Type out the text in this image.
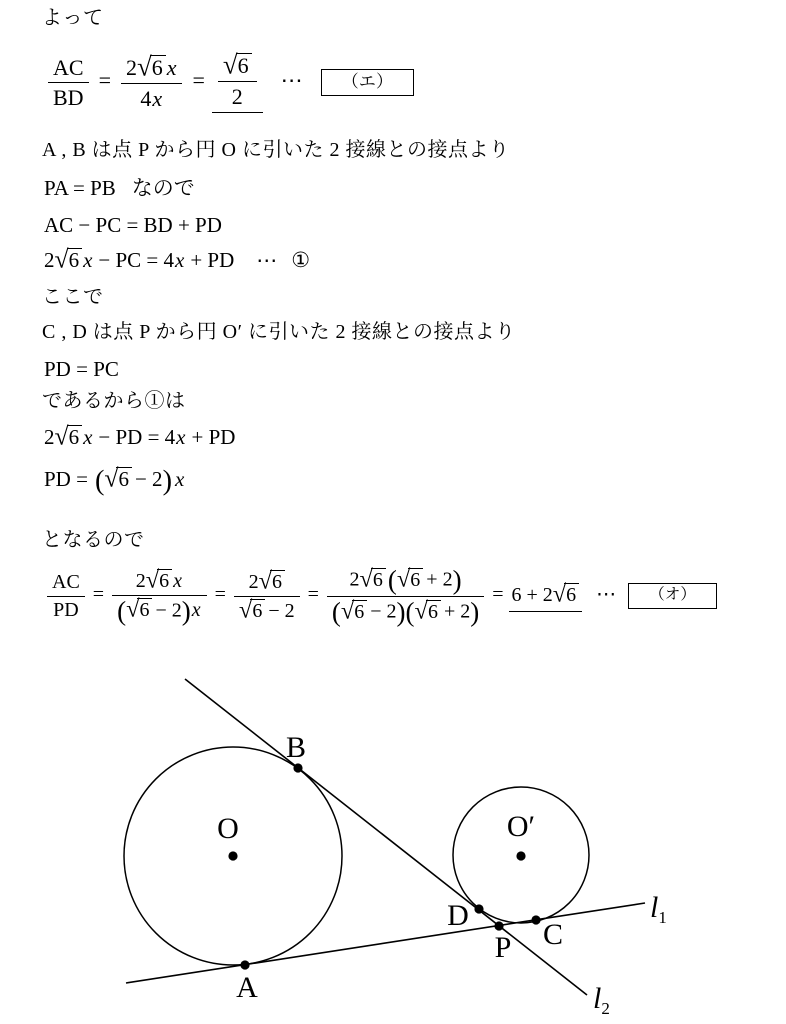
よって
$\frac{AC}{BD} = \frac{2√6 x}{4x} = \frac{√6}{2}$ ⋯ （エ）
A , B は点 P から円 O に引いた 2 接線との接点より
PA = PB なので
AC − PC = BD + PD
2√6 x − PC = 4x + PD ⋯ ①
ここで
C , D は点 P から円 O′ に引いた 2 接線との接点より
PD = PC
であるから①は
2√6 x − PD = 4x + PD
PD = (√6 − 2) x
となるので
$\frac{AC}{PD} = \frac{2√6 x}{(√6 - 2)x} = \frac{2√6}{√6 - 2} = \frac{2√6 (√6 + 2)}{(√6 - 2)(√6 + 2)} = 6 + 2√6$ ⋯ （オ）
O	O′
A
B
D
P C
$l_1$
$l_2$
